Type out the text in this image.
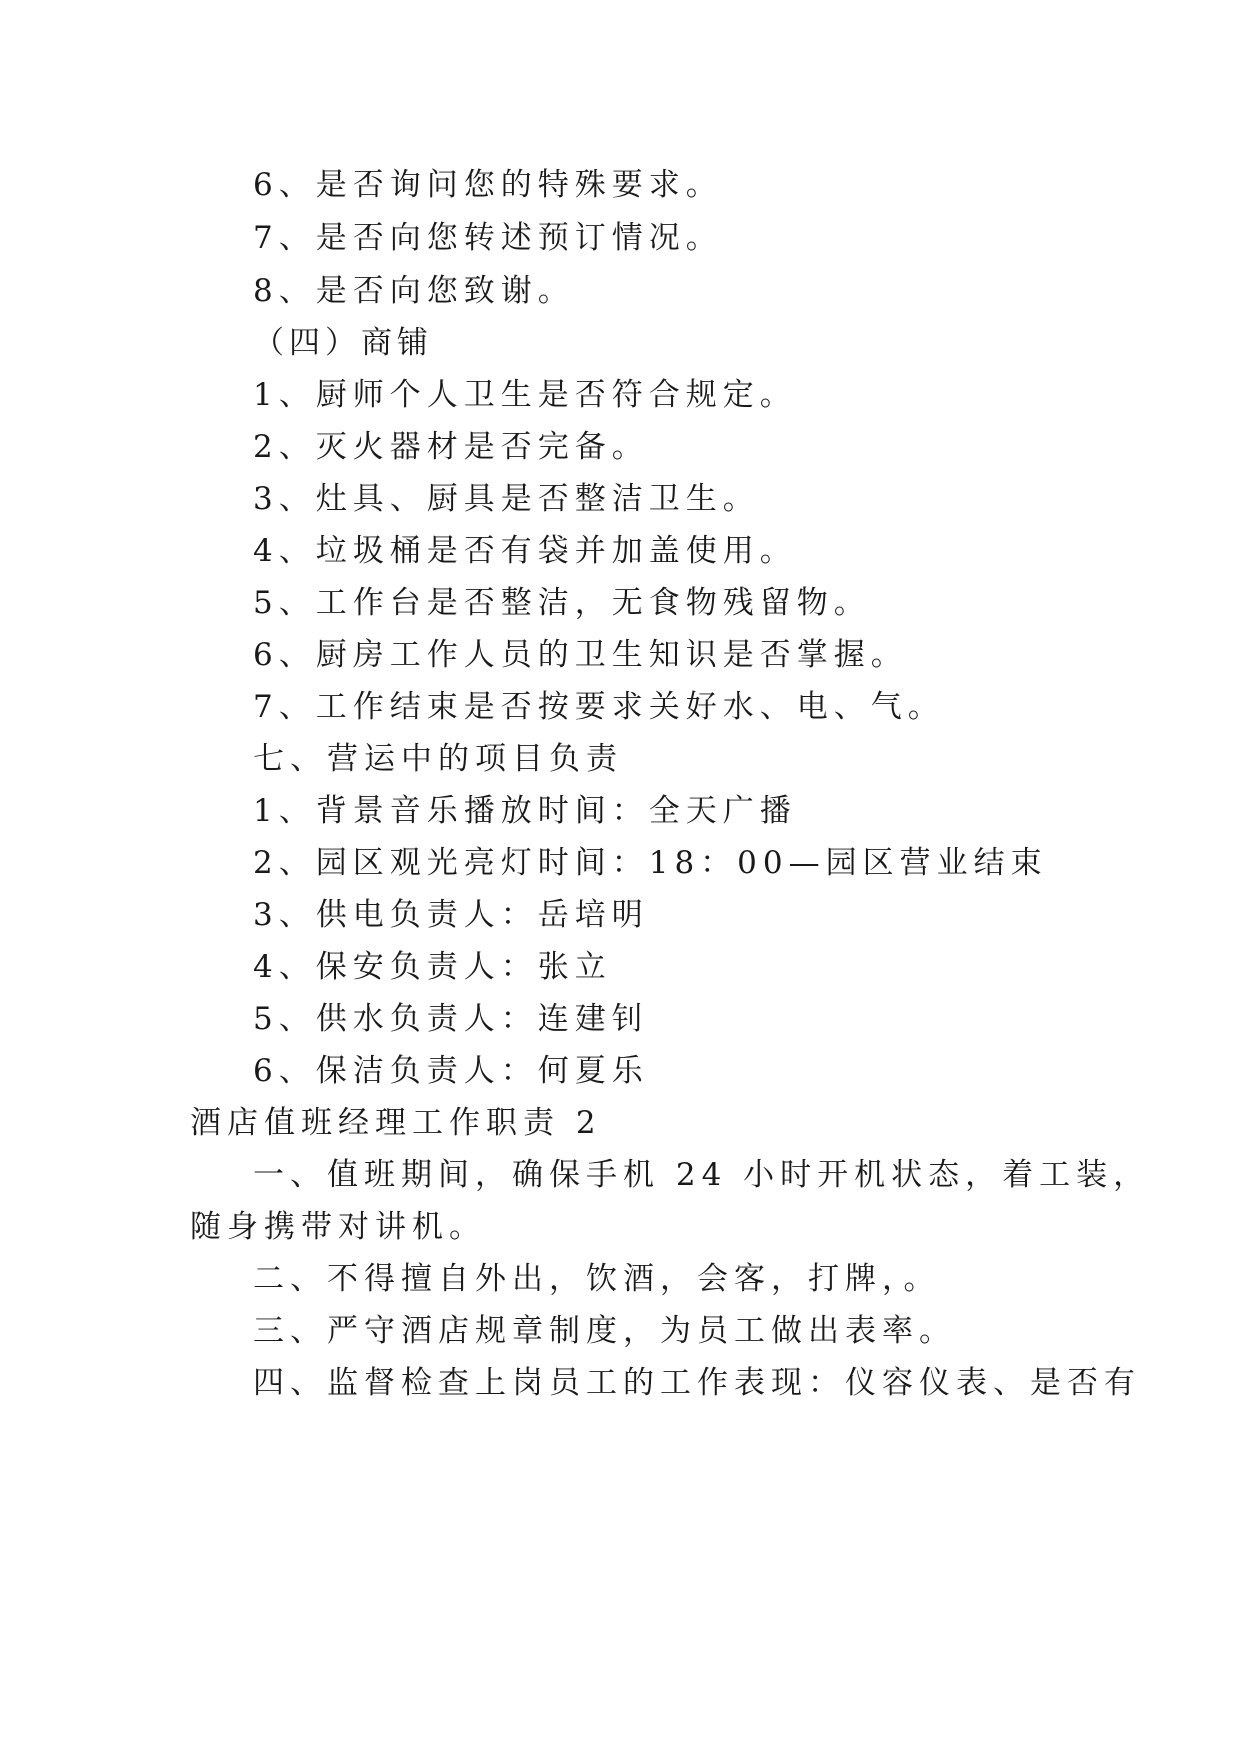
6、是否询问您的特殊要求。
7、是否向您转述预订情况。
8、是否向您致谢。
（四）商铺
1、厨师个人卫生是否符合规定。
2、灭火器材是否完备。
3、灶具、厨具是否整洁卫生。
4、垃圾桶是否有袋并加盖使用。
5、工作台是否整洁，无食物残留物。
6、厨房工作人员的卫生知识是否掌握。
7、工作结束是否按要求关好水、电、气。
七、营运中的项目负责
1、背景音乐播放时间：全天广播
2、园区观光亮灯时间：18：00—园区营业结束
3、供电负责人：岳培明
4、保安负责人：张立
5、供水负责人：连建钊
6、保洁负责人：何夏乐
酒店值班经理工作职责 2
一、值班期间，确保手机 24 小时开机状态，着工装，
随身携带对讲机。
二、不得擅自外出，饮酒，会客，打牌，。
三、严守酒店规章制度，为员工做出表率。
四、监督检查上岗员工的工作表现：仪容仪表、是否有
